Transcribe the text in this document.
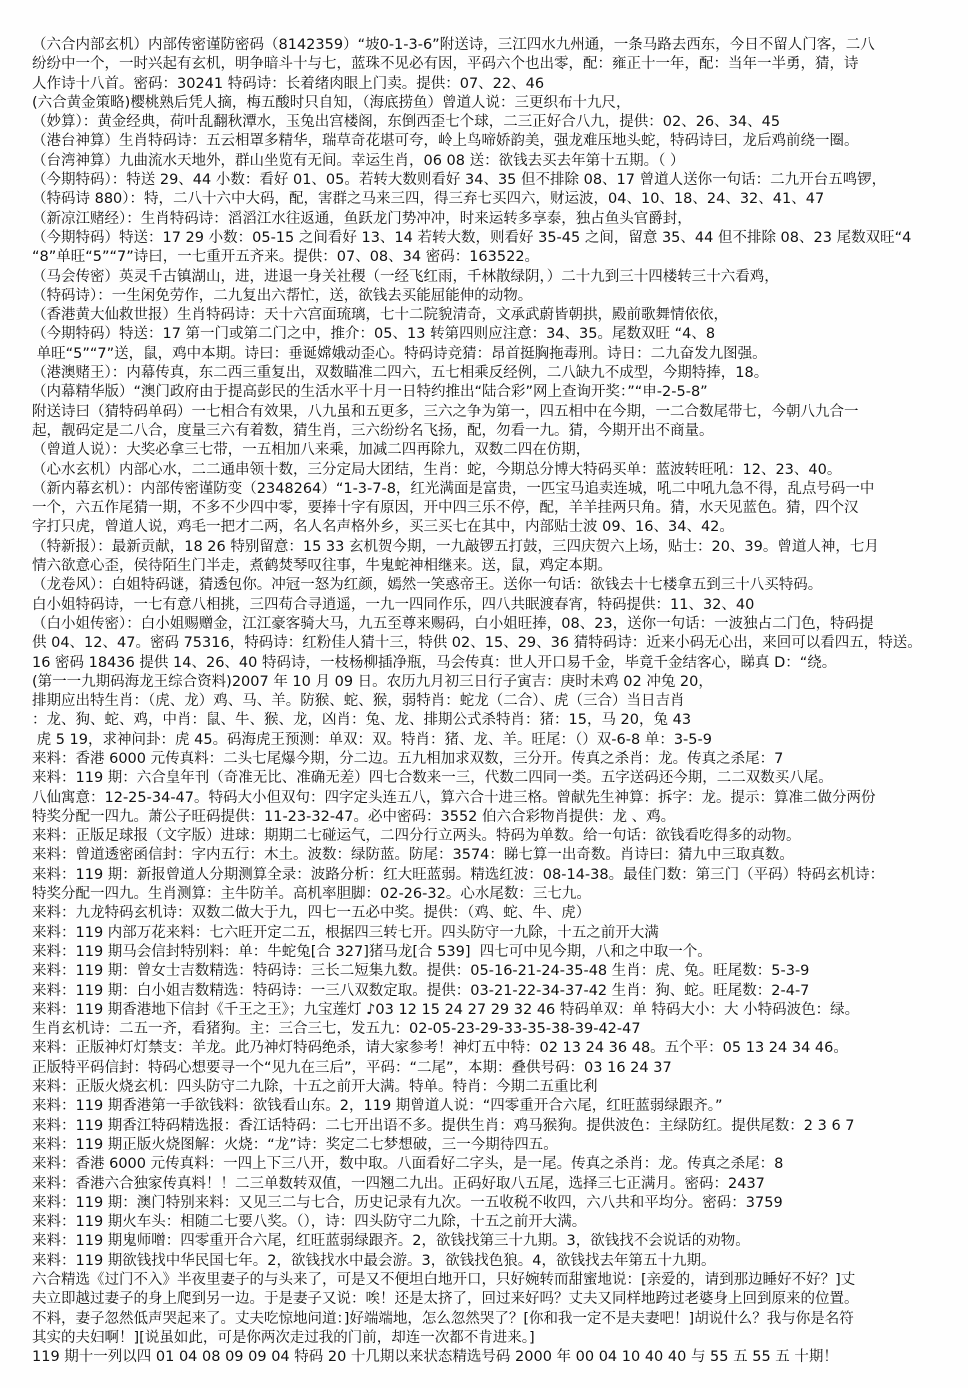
（六合内部玄机）内部传密谨防密码（8142359）“坡0-1-3-6”附送诗，三江四水九州通，一条马路去西东，今日不留人门客，二八
纷纷中一个，一时兴起有玄机，明争暗斗十与七，蓝珠不见必有因，平码六个也出零，配：雍正十一年，配：当年一半勇，猜，诗
人作诗十八首。密码：30241 特码诗：长着绪肉眼上门卖。提供：07、22、46
(六合黄金策略)樱桃熟后凭人摘，梅五酸时只自知，（海底捞鱼）曾道人说：三更织布十九尺，
（妙算）：黄金经典，荷叶乱翻秋潭水，玉兔出宫楼阁，东倒西歪七个球，二三正好合八九，提供：02、26、34、45
（港台神算）生肖特码诗：五云相罩多精华，瑞草奇花堪可夸，岭上鸟啼娇韵美，强龙难压地头蛇，特码诗曰，龙后鸡前绕一圈。
（台湾神算）九曲流水天地外，群山坐览有无间。幸运生肖，06 08 送：欲钱去买去年第十五期。（ ）
（今期特码）：特送 29、44 小数：看好 01、05。若转大数则看好 34、35 但不排除 08、17 曾道人送你一句话：二九开台五鸣锣，
（特码诗 880）：特，二八十六中大码，配，害群之马来三四，得三弃七买四六，财运波，04、10、18、24、32、41、47
（新凉江赌经）：生肖特码诗：滔滔江水往返通，鱼跃龙门势冲冲，时来运转多享泰，独占鱼头官爵封，
（今期特码）特送：17 29 小数：05-15 之间看好 13、14 若转大数，则看好 35-45 之间，留意 35、44 但不排除 08、23 尾数双旺“4
“8”单旺“5”“7”诗曰，一七重开五齐来。提供：07、08、34 密码：163522。
（马会传密）英灵千古镇湖山，进，进退一身关社稷（一经飞红雨，千林散绿阴，）二十九到三十四楼转三十六看鸡，
（特码诗）：一生闲免劳作，二九复出六帮忙，送，欲钱去买能屈能伸的动物。
（香港黄大仙救世报）生肖特码诗：天十六宫面琉璃，七十二院貌清奇，文承武蔚皆朝拱，殿前歌舞情依依，
（今期特码）特送：17 第一门或第二门之中，推介：05、13 转第四则应注意：34、35。尾数双旺 “4、8
单旺“5”“7”送，鼠，鸡中本期。诗曰：垂诞嫦娥动歪心。特码诗竞猜：昂首挺胸拖毒刑。诗日：二九奋发九图强。
（港澳赌王）：内幕传真，东二西三重复出，双数瞄准二四六，五七相乘反经例，二八缺九不成型，今期特捧，18。
（内幕精华版）“澳门政府由于提高彭民的生活水平十月一日特约推出“陆合彩”网上查询开奖：”“申-2-5-8”
附送诗曰（猜特码单码）一七相合有效果，八九虽和五更多，三六之争为第一，四五相中在今期，一二合数尾带七，今朝八九合一
起，靓码定是二八合，度量三六有着数，猜生肖，三六纷纷名飞扬，配，勿看一九。猜，今期开出不商量。
（曾道人说）：大奖必拿三七带，一五相加八来乘，加减二四再除九，双数二四在仿期，
（心水玄机）内部心水，二二通串领十数，三分定局大团结，生肖：蛇，今期总分博大特码买单：蓝波转旺吼：12、23、40。
（新内幕玄机）：内部传密谨防变（2348264）“1-3-7-8，红光满面是富贵，一匹宝马追卖连城，吼二中吼九急不得，乱点号码一中
一个，六五作尾猜一期，不多不少四中零，要捧十字有原因，开中四三乐不停，配，羊羊挂两只角。猜，水天见蓝色。猜，四个汉
字打只虎，曾道人说，鸡毛一把才二两，名人名声格外乡，买三买七在其中，内部贴士波 09、16、34、42。
（特新报）：最新贡献，18 26 特别留意：15 33 玄机贺今期，一九敲锣五打鼓，三四庆贺六上场，贴士：20、39。曾道人神，七月
情六欲意心歪，侯待陌生门半走，煮鹤焚琴叹往事，牛鬼蛇神相继来。送，鼠，鸡定本期。
（龙卷风）：白姐特码谜，猜透包你。冲冠一怒为红颜，嫣然一笑惑帝王。送你一句话：欲钱去十七楼拿五到三十八买特码。
白小姐特码诗，一七有意八相挑，三四苟合寻逍遥，一九一四同作乐，四八共眠渡春宵，特码提供：11、32、40
（白小姐传密）：白小姐赐赠金，江江豪客骑大马，九五至尊来赐码，白小姐旺捧，08、23，送你一句话：一波独占二门色，特码提
供 04、12、47。密码 75316，特码诗：红粉佳人猜十三，特供 02、15、29、36 猜特码诗：近来小码无心出，来回可以看四五，特送。
16 密码 18436 提供 14、26、40 特码诗，一枝杨柳插净瓶，马会传真：世人开口易千金，毕竟千金结客心，睇真 D：“绕。
(第一一九期码海龙王综合资料)2007 年 10 月 09 日。农历九月初三日行子寅吉：庚时未鸡 02 冲兔 20，
排期应出特生肖：（虎、龙）鸡、马、羊。防猴、蛇、猴，弱特肖：蛇龙（二合）、虎（三合）当日吉肖
：龙、狗、蛇、鸡，中肖：鼠、牛、猴、龙，凶肖：兔、龙、排期公式杀特肖：猪：15，马 20，兔 43
虎 5 19，求神问卦：虎 45。码海虎王预测：单双：双。特肖：猪、龙、羊。旺尾：（）双-6-8 单：3-5-9
来料：香港 6000 元传真料：二头七尾爆今期，分二边。五九相加求双数，三分开。传真之杀肖：龙。传真之杀尾：7
来料：119 期：六合皇年刊（奇准无比、准确无差）四七合数来一三，代数二四同一类。五字送码还今期，二二双数买八尾。
八仙寓意：12-25-34-47。特码大小但双句：四字定头连五八，算六合十进三格。曾献先生神算：拆字：龙。提示：算准二做分两份
特奖分配一四九。萧公子旺码提供：11-23-32-47。必中密码：3552 伯六合彩物肖提供：龙 、鸡。
来料：正版足球报（文字版）进球：期期二七碰运气，二四分行立两头。特码为单数。给一句话：欲钱看吃得多的动物。
来料：曾道透密函信封：字内五行：木土。波数：绿防蓝。防尾：3574：睇七算一出奇数。肖诗曰：猜九中三取真数。
来料：119 期：新报曾道人分期测算全录：波路分析：红大旺蓝弱。精选红波：08-14-38。最佳门数：第三门（平码）特码玄机诗：
特奖分配一四九。生肖测算：主牛防羊。高机率胆脚：02-26-32。心水尾数：三七九。
来料：九龙特码玄机诗：双数二做大于九，四七一五必中奖。提供：（鸡、蛇、牛、虎）
来料：119 内部万花来料：七六旺开定二五，根据四三转七开。四头防守一九除，十五之前开大满
来料：119 期马会信封特别料：单：牛蛇兔[合 327]猪马龙[合 539]  四七可中见今期，八和之中取一个。
来料：119 期：曾女士吉数精选：特码诗：三长二短集九数。提供：05-16-21-24-35-48 生肖：虎、兔。旺尾数：5-3-9
来料：119 期：白小姐吉数精选：特码诗：一三八双数定取。提供：03-21-22-34-37-42 生肖：狗、蛇。旺尾数：2-4-7
来料：119 期香港地下信封《千王之王》；九宝莲灯 ♪03 12 15 24 27 29 32 46 特码单双：单 特码大小：大 小特码波色：绿。
生肖玄机诗：二五一齐，看猪狗。主：三合三七，发五九：02-05-23-29-33-35-38-39-42-47
来料：正版神灯灯禁支：羊龙。此乃神灯特码绝杀，请大家参考！神灯五中特：02 13 24 36 48。五个平：05 13 24 34 46。
正版特平码信封：特码心想要寻一个“见九在三后”，平码：“二尾”，本期：叠供号码：03 16 24 37
来料：正版火烧玄机：四头防守二九除，十五之前开大满。特单。特肖：今期二五重比利
来料：119 期香港第一手欲钱料：欲钱看山东。2，119 期曾道人说：“四零重开合六尾，红旺蓝弱绿跟齐。”
来料：119 期香江特码精选报：香江话特码：二七开出语不多。提供生肖：鸡马猴狗。提供波色：主绿防红。提供尾数：2 3 6 7
来料：119 期正版火烧图解：火烧：“龙”诗：奖定二七梦想破，三一今期待四五。
来料：香港 6000 元传真料：一四上下三八开，数中取。八面看好二字头，是一尾。传真之杀肖：龙。传真之杀尾：8
来料：香港六合独家传真料！！二三单数转双值，一四翘二九出。正码好取八五尾，选择三七正满月。密码：2437
来料：119 期：澳门特别来料：又见三二与七合，历史记录有九次。一五收税不收四，六八共和平均分。密码：3759
来料：119 期火车头：相随二七要八奖。（），诗：四头防守二九除，十五之前开大满。
来料：119 期鬼师噌：四零重开合六尾，红旺蓝弱绿跟齐。2，欲钱找第三十九期。3，欲钱找不会说话的劝物。
来料：119 期欲钱找中华民国七年。2，欲钱找水中最会游。3，欲钱找色狼。4，欲钱找去年第五十九期。
六合精选《过门不入》半夜里妻子的与头来了，可是又不便坦白地开口，只好婉转而甜蜜地说：[亲爱的，请到那边睡好不好？]丈
夫立即越过妻子的身上爬到另一边。于是妻子又说：唉！还是太挤了，回过来好吗？丈夫又同样地跨过老婆身上回到原来的位置。
不料，妻子忽然低声哭起来了。丈夫吃惊地问道：]好端端地，怎么忽然哭了？[你和我一定不是夫妻吧！]胡说什么？我与你是名符
其实的夫妇啊！][说虽如此，可是你两次走过我的门前，却连一次都不肯进来。]
119 期十一列以四 01 04 08 09 09 04 特码 20 十几期以来状态精选号码 2000 年 00 04 10 40 40 与 55 五 55 五 十期！
